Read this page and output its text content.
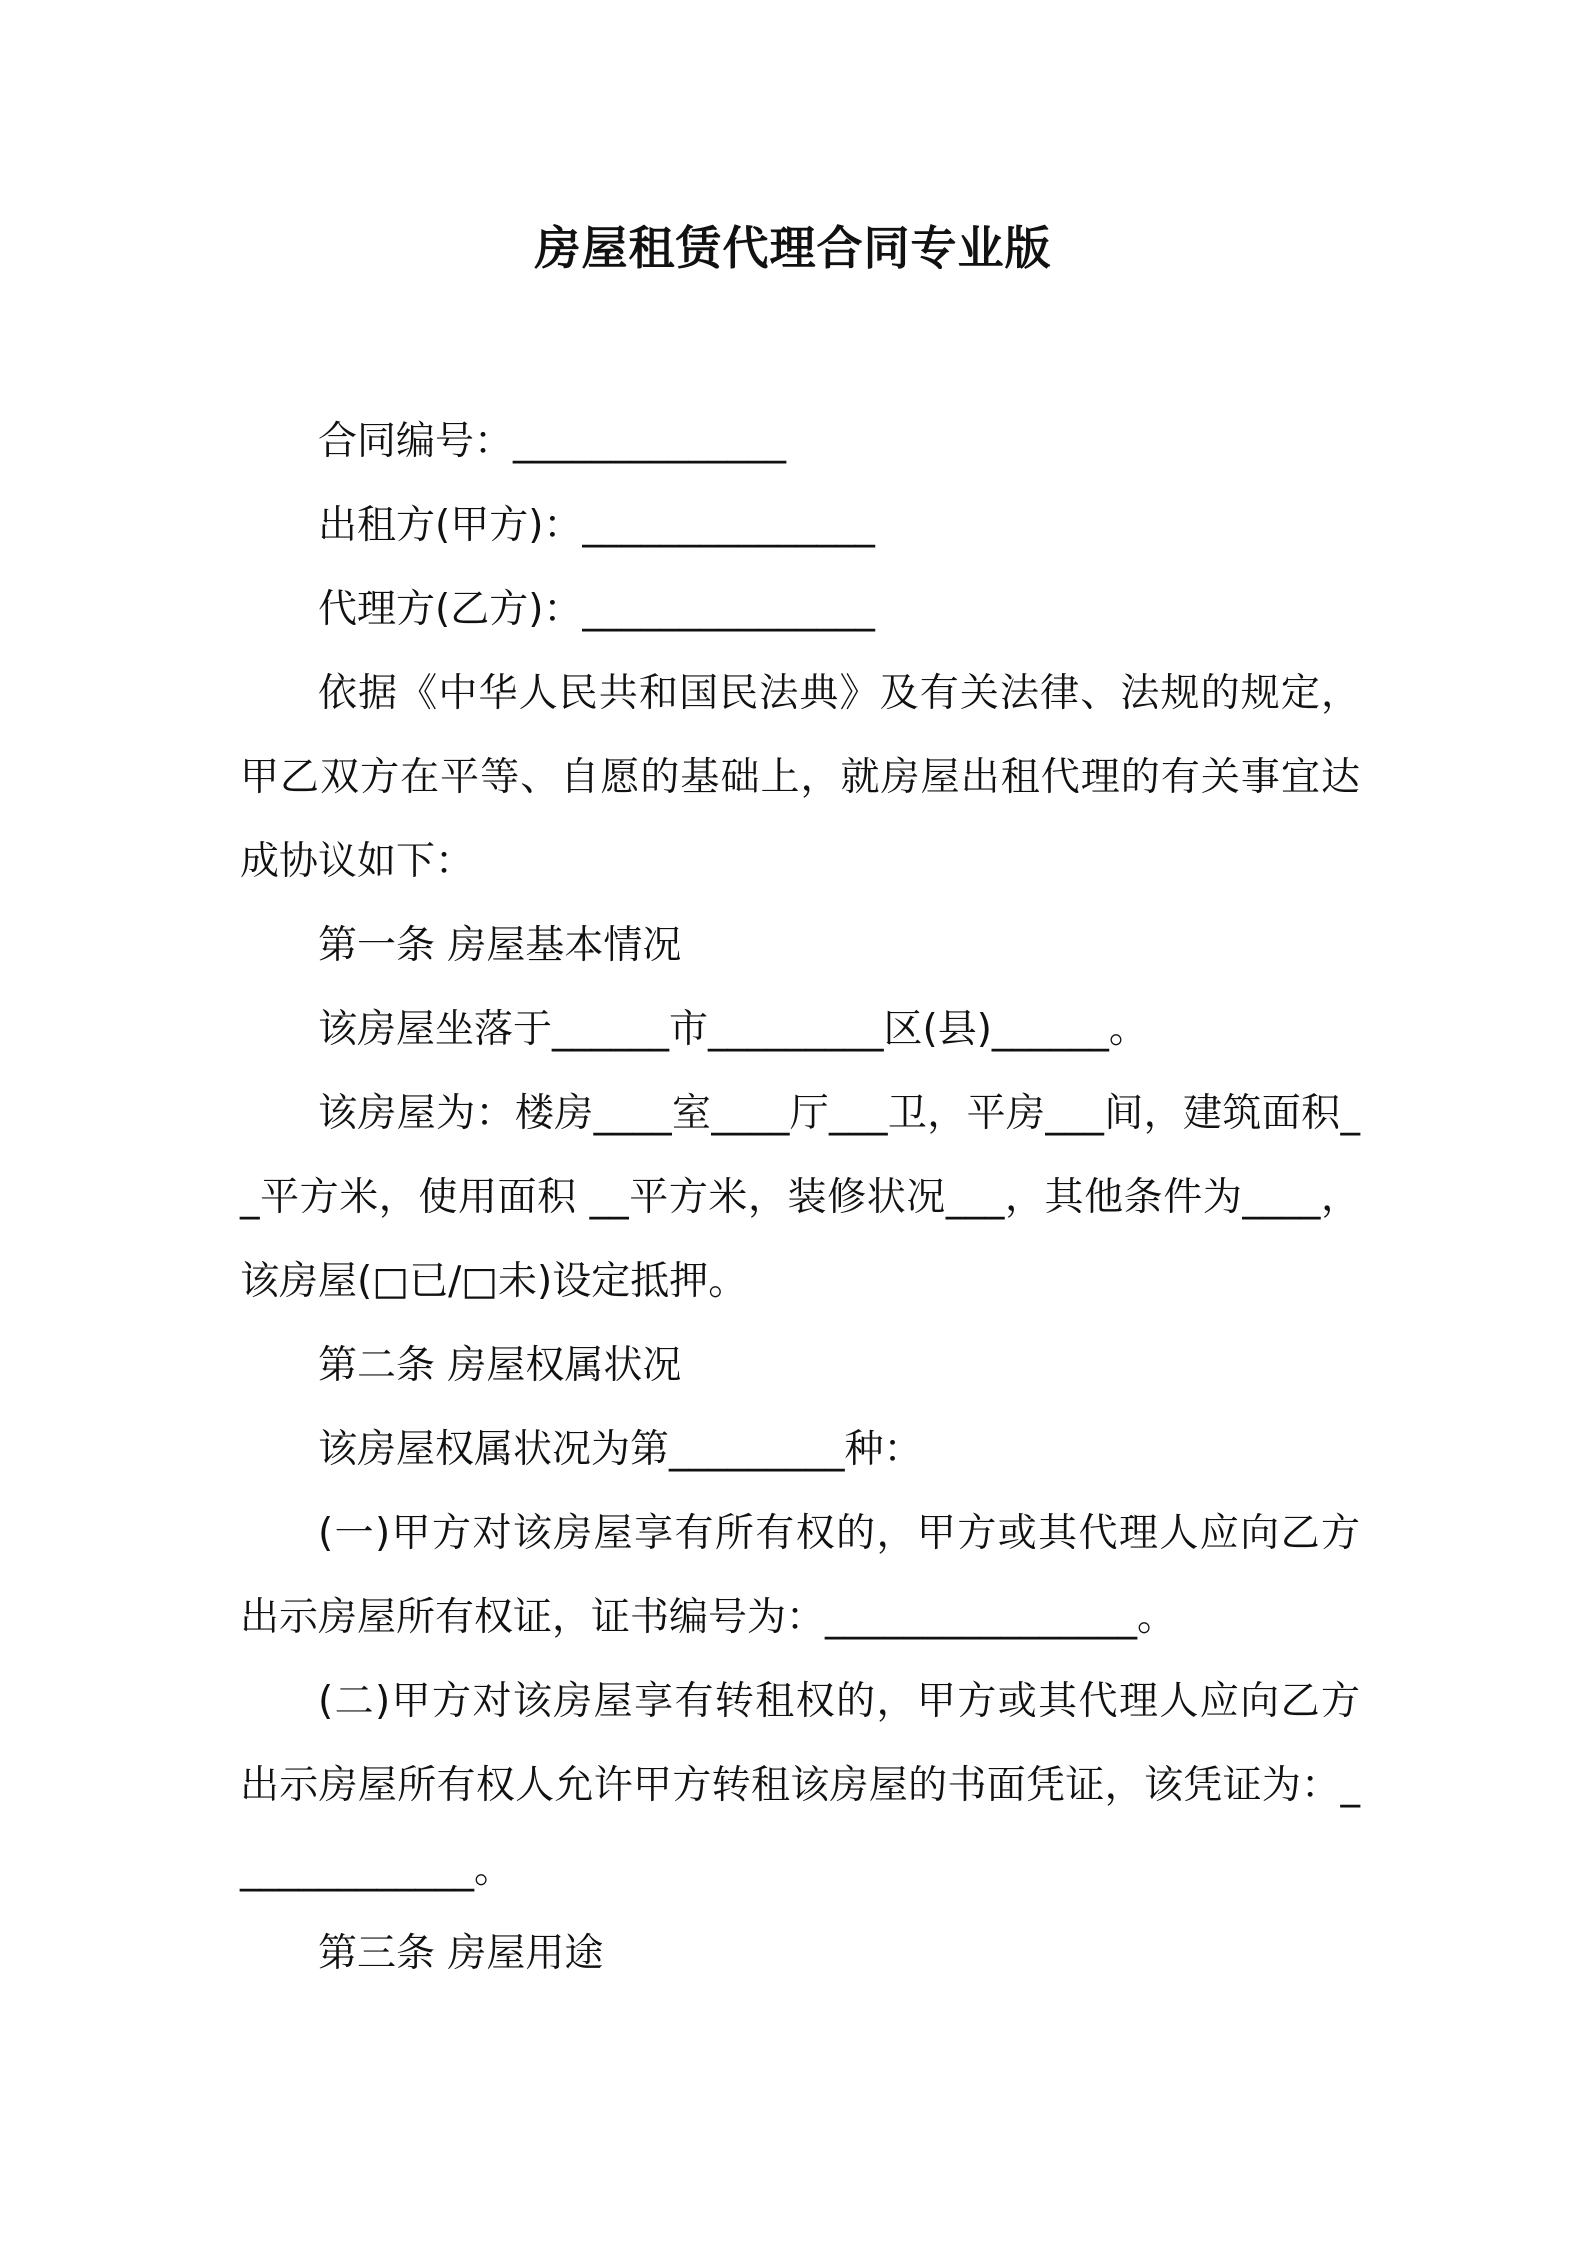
房屋租赁代理合同专业版

合同编号：______________

出租方(甲方)：_______________

代理方(乙方)：_______________

依据《中华人民共和国民法典》及有关法律、法规的规定，甲乙双方在平等、自愿的基础上，就房屋出租代理的有关事宜达成协议如下：

第一条 房屋基本情况

该房屋坐落于______市_________区(县)______。

该房屋为：楼房____室____厅___卫，平房___间，建筑面积__平方米，使用面积 __平方米，装修状况___，其他条件为____，该房屋(□已/□未)设定抵押。

第二条 房屋权属状况

该房屋权属状况为第_________种：

(一)甲方对该房屋享有所有权的，甲方或其代理人应向乙方出示房屋所有权证，证书编号为：________________。

(二)甲方对该房屋享有转租权的，甲方或其代理人应向乙方出示房屋所有权人允许甲方转租该房屋的书面凭证，该凭证为：_____________。

第三条 房屋用途
